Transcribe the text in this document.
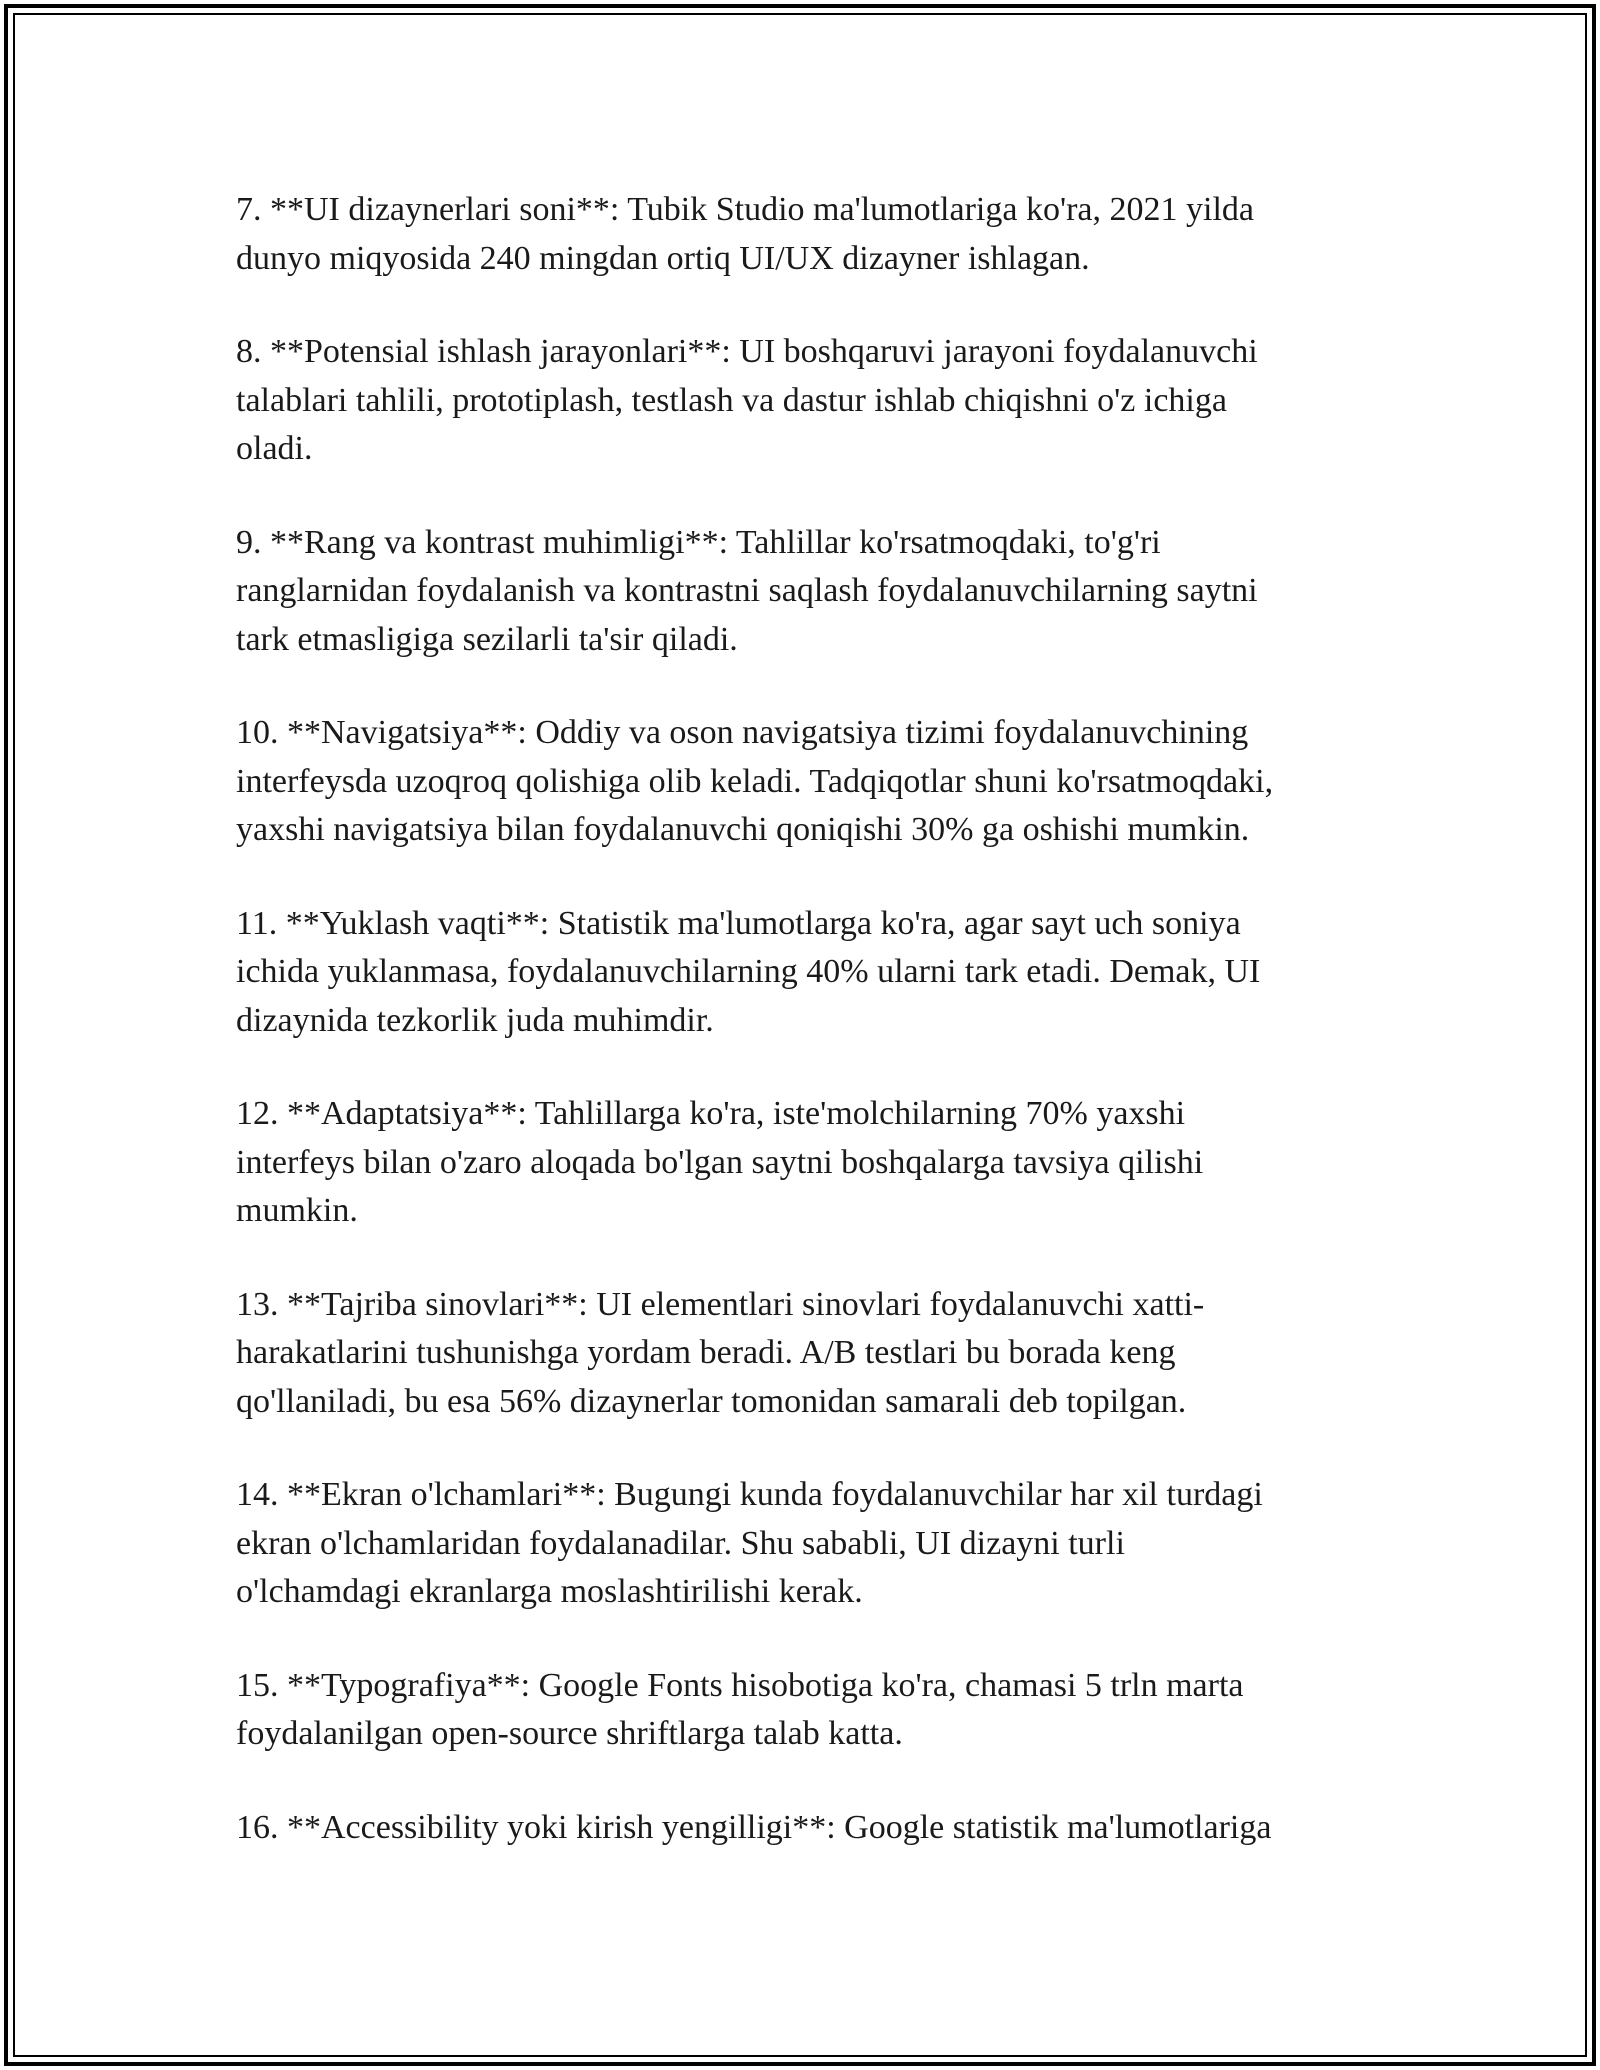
7. **UI dizaynerlari soni**: Tubik Studio ma'lumotlariga ko'ra, 2021 yilda
dunyo miqyosida 240 mingdan ortiq UI/UX dizayner ishlagan.

8. **Potensial ishlash jarayonlari**: UI boshqaruvi jarayoni foydalanuvchi
talablari tahlili, prototiplash, testlash va dastur ishlab chiqishni o'z ichiga
oladi.

9. **Rang va kontrast muhimligi**: Tahlillar ko'rsatmoqdaki, to'g'ri
ranglarnidan foydalanish va kontrastni saqlash foydalanuvchilarning saytni
tark etmasligiga sezilarli ta'sir qiladi.

10. **Navigatsiya**: Oddiy va oson navigatsiya tizimi foydalanuvchining
interfeysda uzoqroq qolishiga olib keladi. Tadqiqotlar shuni ko'rsatmoqdaki,
yaxshi navigatsiya bilan foydalanuvchi qoniqishi 30% ga oshishi mumkin.

11. **Yuklash vaqti**: Statistik ma'lumotlarga ko'ra, agar sayt uch soniya
ichida yuklanmasa, foydalanuvchilarning 40% ularni tark etadi. Demak, UI
dizaynida tezkorlik juda muhimdir.

12. **Adaptatsiya**: Tahlillarga ko'ra, iste'molchilarning 70% yaxshi
interfeys bilan o'zaro aloqada bo'lgan saytni boshqalarga tavsiya qilishi
mumkin.

13. **Tajriba sinovlari**: UI elementlari sinovlari foydalanuvchi xatti-
harakatlarini tushunishga yordam beradi. A/B testlari bu borada keng
qo'llaniladi, bu esa 56% dizaynerlar tomonidan samarali deb topilgan.

14. **Ekran o'lchamlari**: Bugungi kunda foydalanuvchilar har xil turdagi
ekran o'lchamlaridan foydalanadilar. Shu sababli, UI dizayni turli
o'lchamdagi ekranlarga moslashtirilishi kerak.

15. **Typografiya**: Google Fonts hisobotiga ko'ra, chamasi 5 trln marta
foydalanilgan open-source shriftlarga talab katta.

16. **Accessibility yoki kirish yengilligi**: Google statistik ma'lumotlariga
